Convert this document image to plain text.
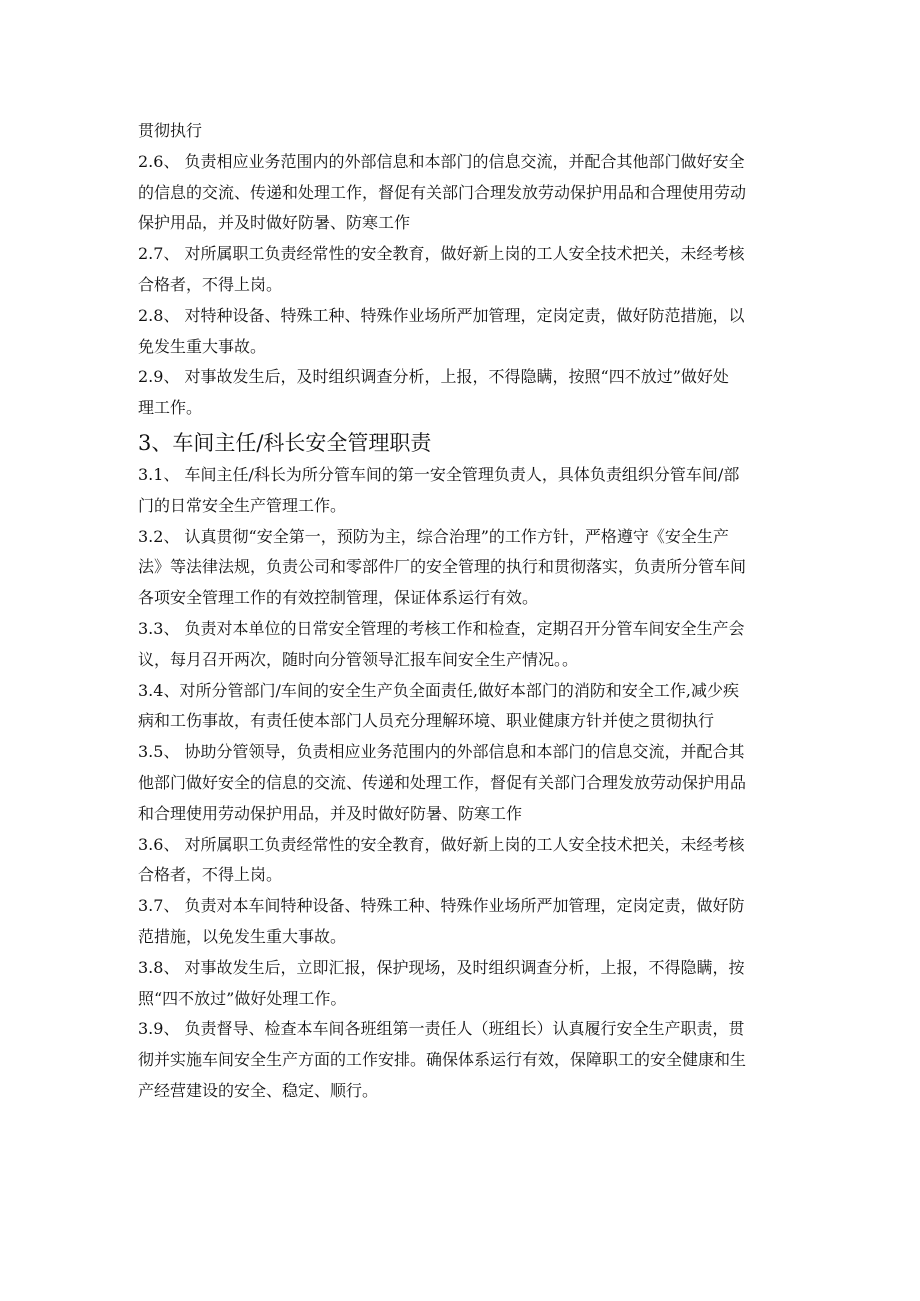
贯彻执行
2.6、 负责相应业务范围内的外部信息和本部门的信息交流，并配合其他部门做好安全
的信息的交流、传递和处理工作，督促有关部门合理发放劳动保护用品和合理使用劳动
保护用品，并及时做好防暑、防寒工作
2.7、 对所属职工负责经常性的安全教育，做好新上岗的工人安全技术把关，未经考核
合格者，不得上岗。
2.8、 对特种设备、特殊工种、特殊作业场所严加管理，定岗定责，做好防范措施，以
免发生重大事故。
2.9、 对事故发生后，及时组织调查分析，上报，不得隐瞒，按照“四不放过”做好处
理工作。
3、车间主任/科长安全管理职责
3.1、 车间主任/科长为所分管车间的第一安全管理负责人，具体负责组织分管车间/部
门的日常安全生产管理工作。
3.2、 认真贯彻“安全第一，预防为主，综合治理”的工作方针，严格遵守《安全生产
法》等法律法规，负责公司和零部件厂的安全管理的执行和贯彻落实，负责所分管车间
各项安全管理工作的有效控制管理，保证体系运行有效。
3.3、 负责对本单位的日常安全管理的考核工作和检查，定期召开分管车间安全生产会
议，每月召开两次，随时向分管领导汇报车间安全生产情况。。
3.4、对所分管部门/车间的安全生产负全面责任,做好本部门的消防和安全工作,减少疾
病和工伤事故，有责任使本部门人员充分理解环境、职业健康方针并使之贯彻执行
3.5、 协助分管领导，负责相应业务范围内的外部信息和本部门的信息交流，并配合其
他部门做好安全的信息的交流、传递和处理工作，督促有关部门合理发放劳动保护用品
和合理使用劳动保护用品，并及时做好防暑、防寒工作
3.6、 对所属职工负责经常性的安全教育，做好新上岗的工人安全技术把关，未经考核
合格者，不得上岗。
3.7、 负责对本车间特种设备、特殊工种、特殊作业场所严加管理，定岗定责，做好防
范措施，以免发生重大事故。
3.8、 对事故发生后，立即汇报，保护现场，及时组织调查分析，上报，不得隐瞒，按
照“四不放过”做好处理工作。
3.9、 负责督导、检查本车间各班组第一责任人（班组长）认真履行安全生产职责，贯
彻并实施车间安全生产方面的工作安排。确保体系运行有效，保障职工的安全健康和生
产经营建设的安全、稳定、顺行。
